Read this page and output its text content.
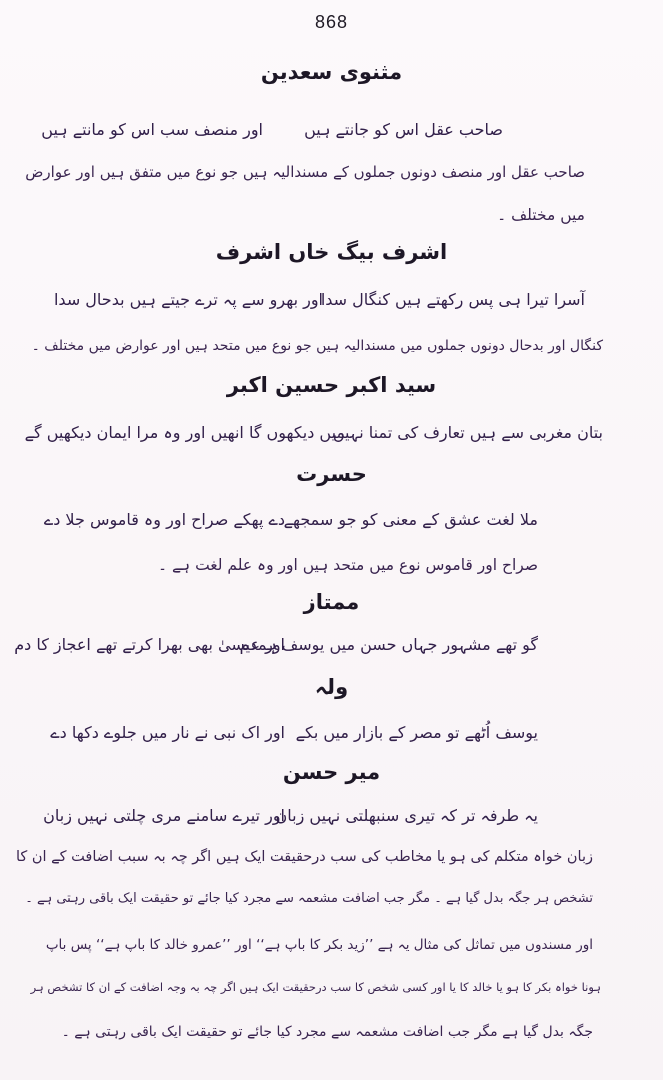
868
مثنوی سعدین
صاحب عقل اس کو جانتے ہیں
اور منصف سب اس کو مانتے ہیں
صاحب عقل اور منصف دونوں جملوں کے مسندالیہ ہیں جو نوع میں متفق ہیں اور عوارض
میں مختلف ۔
اشرف بیگ خاں اشرف
آسرا تیرا ہی پس رکھتے ہیں کنگال سدا
اور بھرو سے پہ ترے جیتے ہیں بدحال سدا
کنگال اور بدحال دونوں جملوں میں مسندالیہ ہیں جو نوع میں متحد ہیں اور عوارض میں مختلف ۔
سید اکبر حسین اکبر
بتان مغربی سے ہیں تعارف کی تمنا نہیں
میں دیکھوں گا انھیں اور وہ مرا ایمان دیکھیں گے
حسرت
ملا لغت عشق کے معنی کو جو سمجھے
دے پھکے صراح اور وہ قاموس جلا دے
صراح اور قاموس نوع میں متحد ہیں اور وہ علم لغت ہے ۔
ممتاز
گو تھے مشہور جہاں حسن میں یوسف ہمدم
اور عیسیٰ بھی بھرا کرتے تھے اعجاز کا دم
ولہ
یوسف اُٹھے تو مصر کے بازار میں بکے
اور اک نبی نے نار میں جلوے دکھا دے
میر حسن
یہ طرفہ تر کہ تیری سنبھلتی نہیں زبان
اور تیرے سامنے مری چلتی نہیں زبان
زبان خواہ متکلم کی ہو یا مخاطب کی سب درحقیقت ایک ہیں اگر چہ بہ سبب اضافت کے ان کا
تشخص ہر جگہ بدل گیا ہے ۔ مگر جب اضافت مشعمہ سے مجرد کیا جائے تو حقیقت ایک باقی رہتی ہے ۔
اور مسندوں میں تماثل کی مثال یہ ہے ’’زید بکر کا باپ ہے‘‘ اور ’’عمرو خالد کا باپ ہے‘‘ پس باپ
ہونا خواہ بکر کا ہو یا خالد کا یا اور کسی شخص کا سب درحقیقت ایک ہیں اگر چہ بہ وجہ اضافت کے ان کا تشخص ہر
جگہ بدل گیا ہے مگر جب اضافت مشعمہ سے مجرد کیا جائے تو حقیقت ایک باقی رہتی ہے ۔
